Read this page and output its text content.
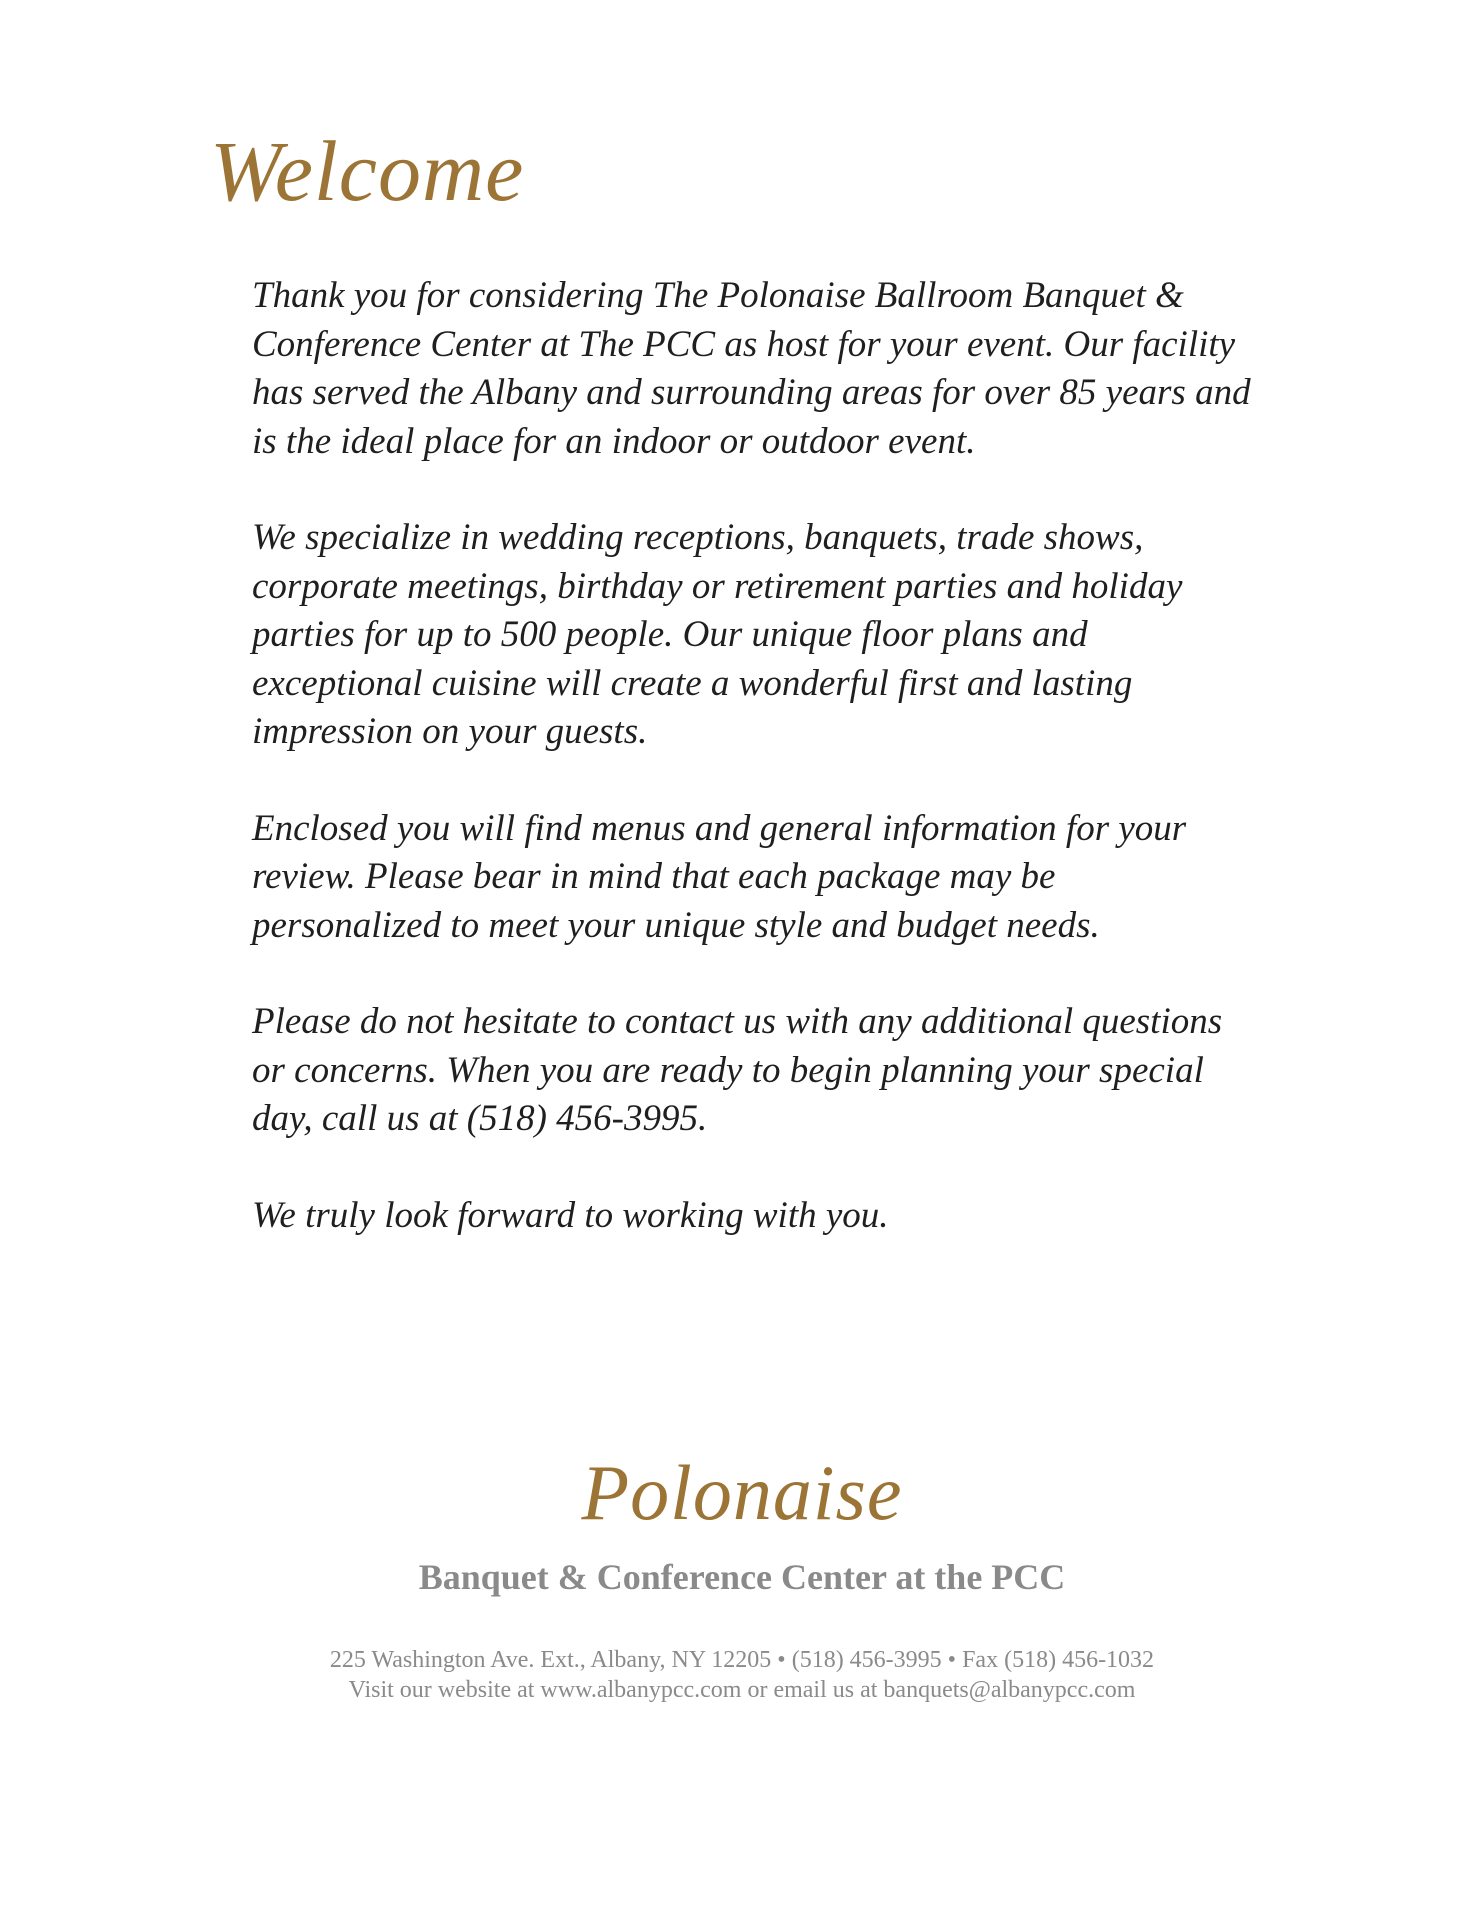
Welcome

Thank you for considering The Polonaise Ballroom Banquet & Conference Center at The PCC as host for your event. Our facility has served the Albany and surrounding areas for over 85 years and is the ideal place for an indoor or outdoor event.

We specialize in wedding receptions, banquets, trade shows, corporate meetings, birthday or retirement parties and holiday parties for up to 500 people. Our unique floor plans and exceptional cuisine will create a wonderful first and lasting impression on your guests.

Enclosed you will find menus and general information for your review. Please bear in mind that each package may be personalized to meet your unique style and budget needs.

Please do not hesitate to contact us with any additional questions or concerns. When you are ready to begin planning your special day, call us at (518) 456-3995.

We truly look forward to working with you.

Polonaise
Banquet & Conference Center at the PCC
225 Washington Ave. Ext., Albany, NY 12205 • (518) 456-3995 • Fax (518) 456-1032
Visit our website at www.albanypcc.com or email us at banquets@albanypcc.com
